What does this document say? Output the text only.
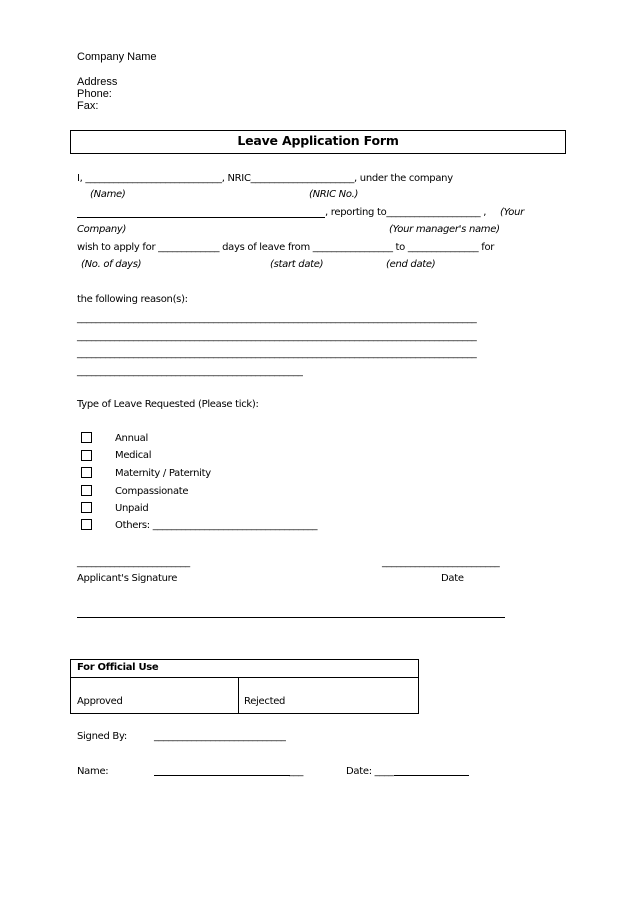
Company Name
Address
Phone:
Fax:
Leave Application Form
I, _____________________________, NRIC______________________, under the company
(Name)	(NRIC No.)
, reporting to____________________ , (Your
Company)	(Your manager's name)
wish to apply for _____________ days of leave from _________________ to _______________ for
(No. of days)	(start date)	(end date)
the following reason(s):
_____________________________________________________________________________________
_____________________________________________________________________________________
_____________________________________________________________________________________
________________________________________________
Type of Leave Requested (Please tick):
Annual
Medical
Maternity / Paternity
Compassionate
Unpaid
Others: ___________________________________
________________________
Applicant's Signature
_________________________
Date
For Official Use
Approved	Rejected
Signed By:	____________________________
Name:	___	Date: ____
